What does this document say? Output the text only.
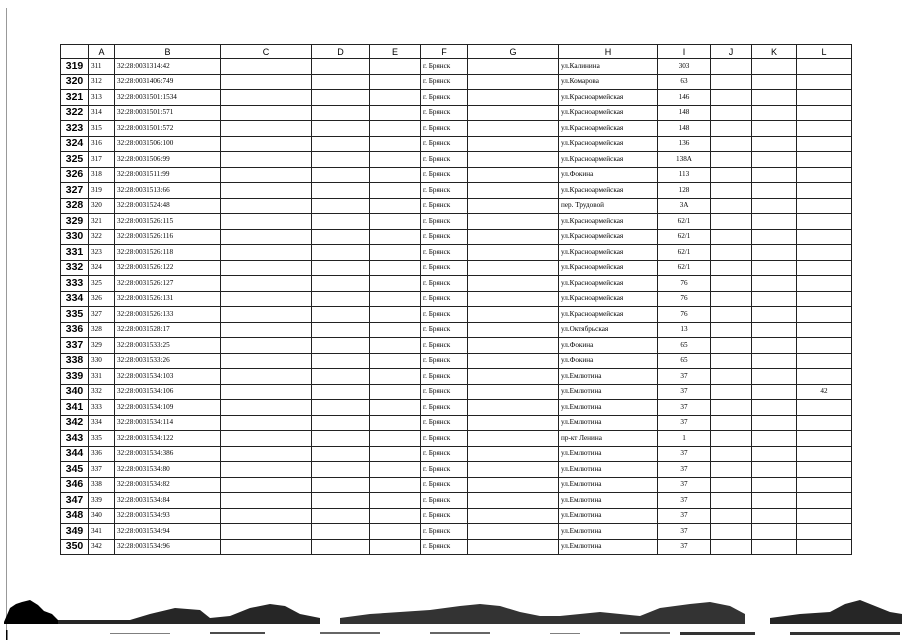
	A	B	C	D	E	F	G	H	I	J	K	L
319	311	32:28:0031314:42				г. Брянск		ул.Калинина	303			
320	312	32:28:0031406:749				г. Брянск		ул.Комарова	63			
321	313	32:28:0031501:1534				г. Брянск		ул.Красноармейская	146			
322	314	32:28:0031501:571				г. Брянск		ул.Красноармейская	148			
323	315	32:28:0031501:572				г. Брянск		ул.Красноармейская	148			
324	316	32:28:0031506:100				г. Брянск		ул.Красноармейская	136			
325	317	32:28:0031506:99				г. Брянск		ул.Красноармейская	138А			
326	318	32:28:0031511:99				г. Брянск		ул.Фокина	113			
327	319	32:28:0031513:66				г. Брянск		ул.Красноармейская	128			
328	320	32:28:0031524:48				г. Брянск		пер. Трудовой	3А			
329	321	32:28:0031526:115				г. Брянск		ул.Красноармейская	62/1			
330	322	32:28:0031526:116				г. Брянск		ул.Красноармейская	62/1			
331	323	32:28:0031526:118				г. Брянск		ул.Красноармейская	62/1			
332	324	32:28:0031526:122				г. Брянск		ул.Красноармейская	62/1			
333	325	32:28:0031526:127				г. Брянск		ул.Красноармейская	76			
334	326	32:28:0031526:131				г. Брянск		ул.Красноармейская	76			
335	327	32:28:0031526:133				г. Брянск		ул.Красноармейская	76			
336	328	32:28:0031528:17				г. Брянск		ул.Октябрьская	13			
337	329	32:28:0031533:25				г. Брянск		ул.Фокина	65			
338	330	32:28:0031533:26				г. Брянск		ул.Фокина	65			
339	331	32:28:0031534:103				г. Брянск		ул.Емлютина	37			
340	332	32:28:0031534:106				г. Брянск		ул.Емлютина	37			42
341	333	32:28:0031534:109				г. Брянск		ул.Емлютина	37			
342	334	32:28:0031534:114				г. Брянск		ул.Емлютина	37			
343	335	32:28:0031534:122				г. Брянск		пр-кт Ленина	1			
344	336	32:28:0031534:386				г. Брянск		ул.Емлютина	37			
345	337	32:28:0031534:80				г. Брянск		ул.Емлютина	37			
346	338	32:28:0031534:82				г. Брянск		ул.Емлютина	37			
347	339	32:28:0031534:84				г. Брянск		ул.Емлютина	37			
348	340	32:28:0031534:93				г. Брянск		ул.Емлютина	37			
349	341	32:28:0031534:94				г. Брянск		ул.Емлютина	37			
350	342	32:28:0031534:96				г. Брянск		ул.Емлютина	37			
